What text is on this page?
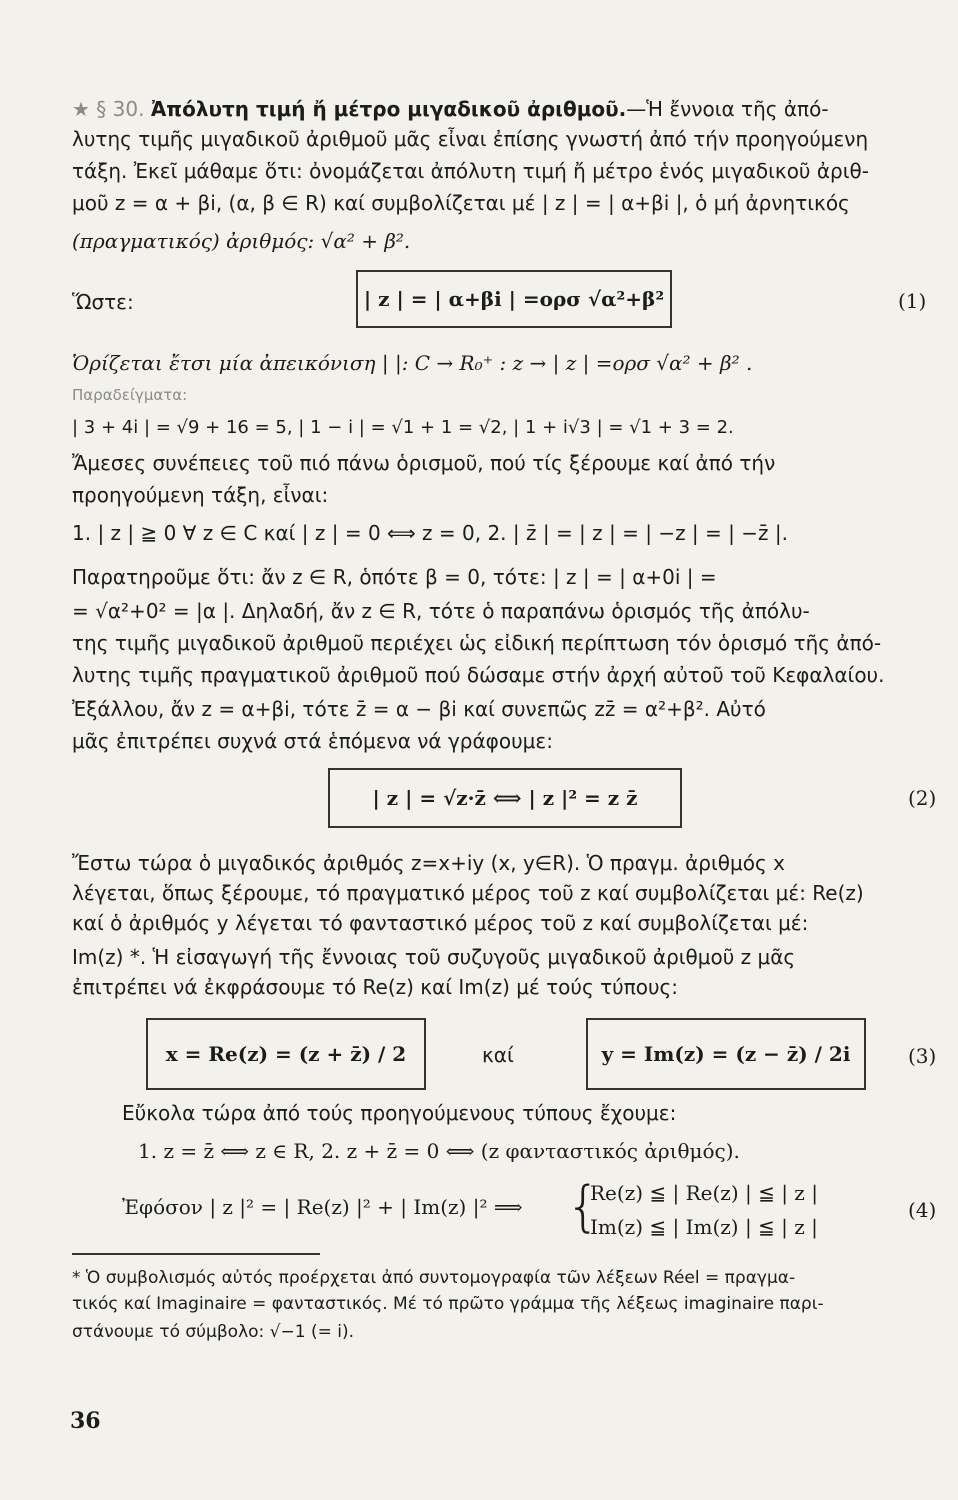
★ § 30. Ἀπόλυτη τιμή ἤ μέτρο μιγαδικοῦ ἀριθμοῦ.—Ἡ ἔννοια τῆς ἀπό-
λυτης τιμῆς μιγαδικοῦ ἀριθμοῦ μᾶς εἶναι ἐπίσης γνωστή ἀπό τήν προηγούμενη
τάξη. Ἐκεῖ μάθαμε ὅτι: ὀνομάζεται ἀπόλυτη τιμή ἤ μέτρο ἑνός μιγαδικοῦ ἀριθ-
μοῦ z = α + βi, (α, β ∈ R) καί συμβολίζεται μέ | z | = | α+βi |, ὁ μή ἀρνητικός
(πραγματικός) ἀριθμός: √α² + β².
Ὥστε:	| z | = | α+βi | =ορσ √α²+β²	(1)
Ὁρίζεται ἔτσι μία ἀπεικόνιση | |: C → R₀⁺ : z → | z | =ορσ √α² + β² .
Παραδείγματα:
| 3 + 4i | = √9 + 16 = 5, | 1 − i | = √1 + 1 = √2, | 1 + i√3 | = √1 + 3 = 2.
Ἄμεσες συνέπειες τοῦ πιό πάνω ὁρισμοῦ, πού τίς ξέρουμε καί ἀπό τήν
προηγούμενη τάξη, εἶναι:
1. | z | ≧ 0 ∀ z ∈ C καί | z | = 0 ⟺ z = 0, 2. | z̄ | = | z | = | −z | = | −z̄ |.
Παρατηροῦμε ὅτι: ἄν z ∈ R, ὁπότε β = 0, τότε: | z | = | α+0i | =
= √α²+0² = |α |. Δηλαδή, ἄν z ∈ R, τότε ὁ παραπάνω ὁρισμός τῆς ἀπόλυ-
της τιμῆς μιγαδικοῦ ἀριθμοῦ περιέχει ὡς εἰδική περίπτωση τόν ὁρισμό τῆς ἀπό-
λυτης τιμῆς πραγματικοῦ ἀριθμοῦ πού δώσαμε στήν ἀρχή αὐτοῦ τοῦ Κεφαλαίου.
Ἐξάλλου, ἄν z = α+βi, τότε z̄ = α − βi καί συνεπῶς zz̄ = α²+β². Αὐτό
μᾶς ἐπιτρέπει συχνά στά ἑπόμενα νά γράφουμε:
| z | = √z·z̄ ⟺ | z |² = z z̄	(2)
Ἔστω τώρα ὁ μιγαδικός ἀριθμός z=x+iy (x, y∈R). Ὁ πραγμ. ἀριθμός x
λέγεται, ὅπως ξέρουμε, τό πραγματικό μέρος τοῦ z καί συμβολίζεται μέ: Re(z)
καί ὁ ἀριθμός y λέγεται τό φανταστικό μέρος τοῦ z καί συμβολίζεται μέ:
Im(z) *. Ἡ εἰσαγωγή τῆς ἔννοιας τοῦ συζυγοῦς μιγαδικοῦ ἀριθμοῦ z μᾶς
ἐπιτρέπει νά ἐκφράσουμε τό Re(z) καί Im(z) μέ τούς τύπους:
x = Re(z) = (z + z̄) / 2	καί	y = Im(z) = (z − z̄) / 2i	(3)
Εὔκολα τώρα ἀπό τούς προηγούμενους τύπους ἔχουμε:
1. z = z̄ ⟺ z ∈ R, 2. z + z̄ = 0 ⟺ (z φανταστικός ἀριθμός).
Ἐφόσον | z |² = | Re(z) |² + | Im(z) |² ⟹ {
Re(z) ≦ | Re(z) | ≦ | z |
Im(z) ≦ | Im(z) | ≦ | z |
(4)
* Ὁ συμβολισμός αὐτός προέρχεται ἀπό συντομογραφία τῶν λέξεων Réel = πραγμα-
τικός καί Imaginaire = φανταστικός. Μέ τό πρῶτο γράμμα τῆς λέξεως imaginaire παρι-
στάνουμε τό σύμβολο: √−1 (= i).
36
